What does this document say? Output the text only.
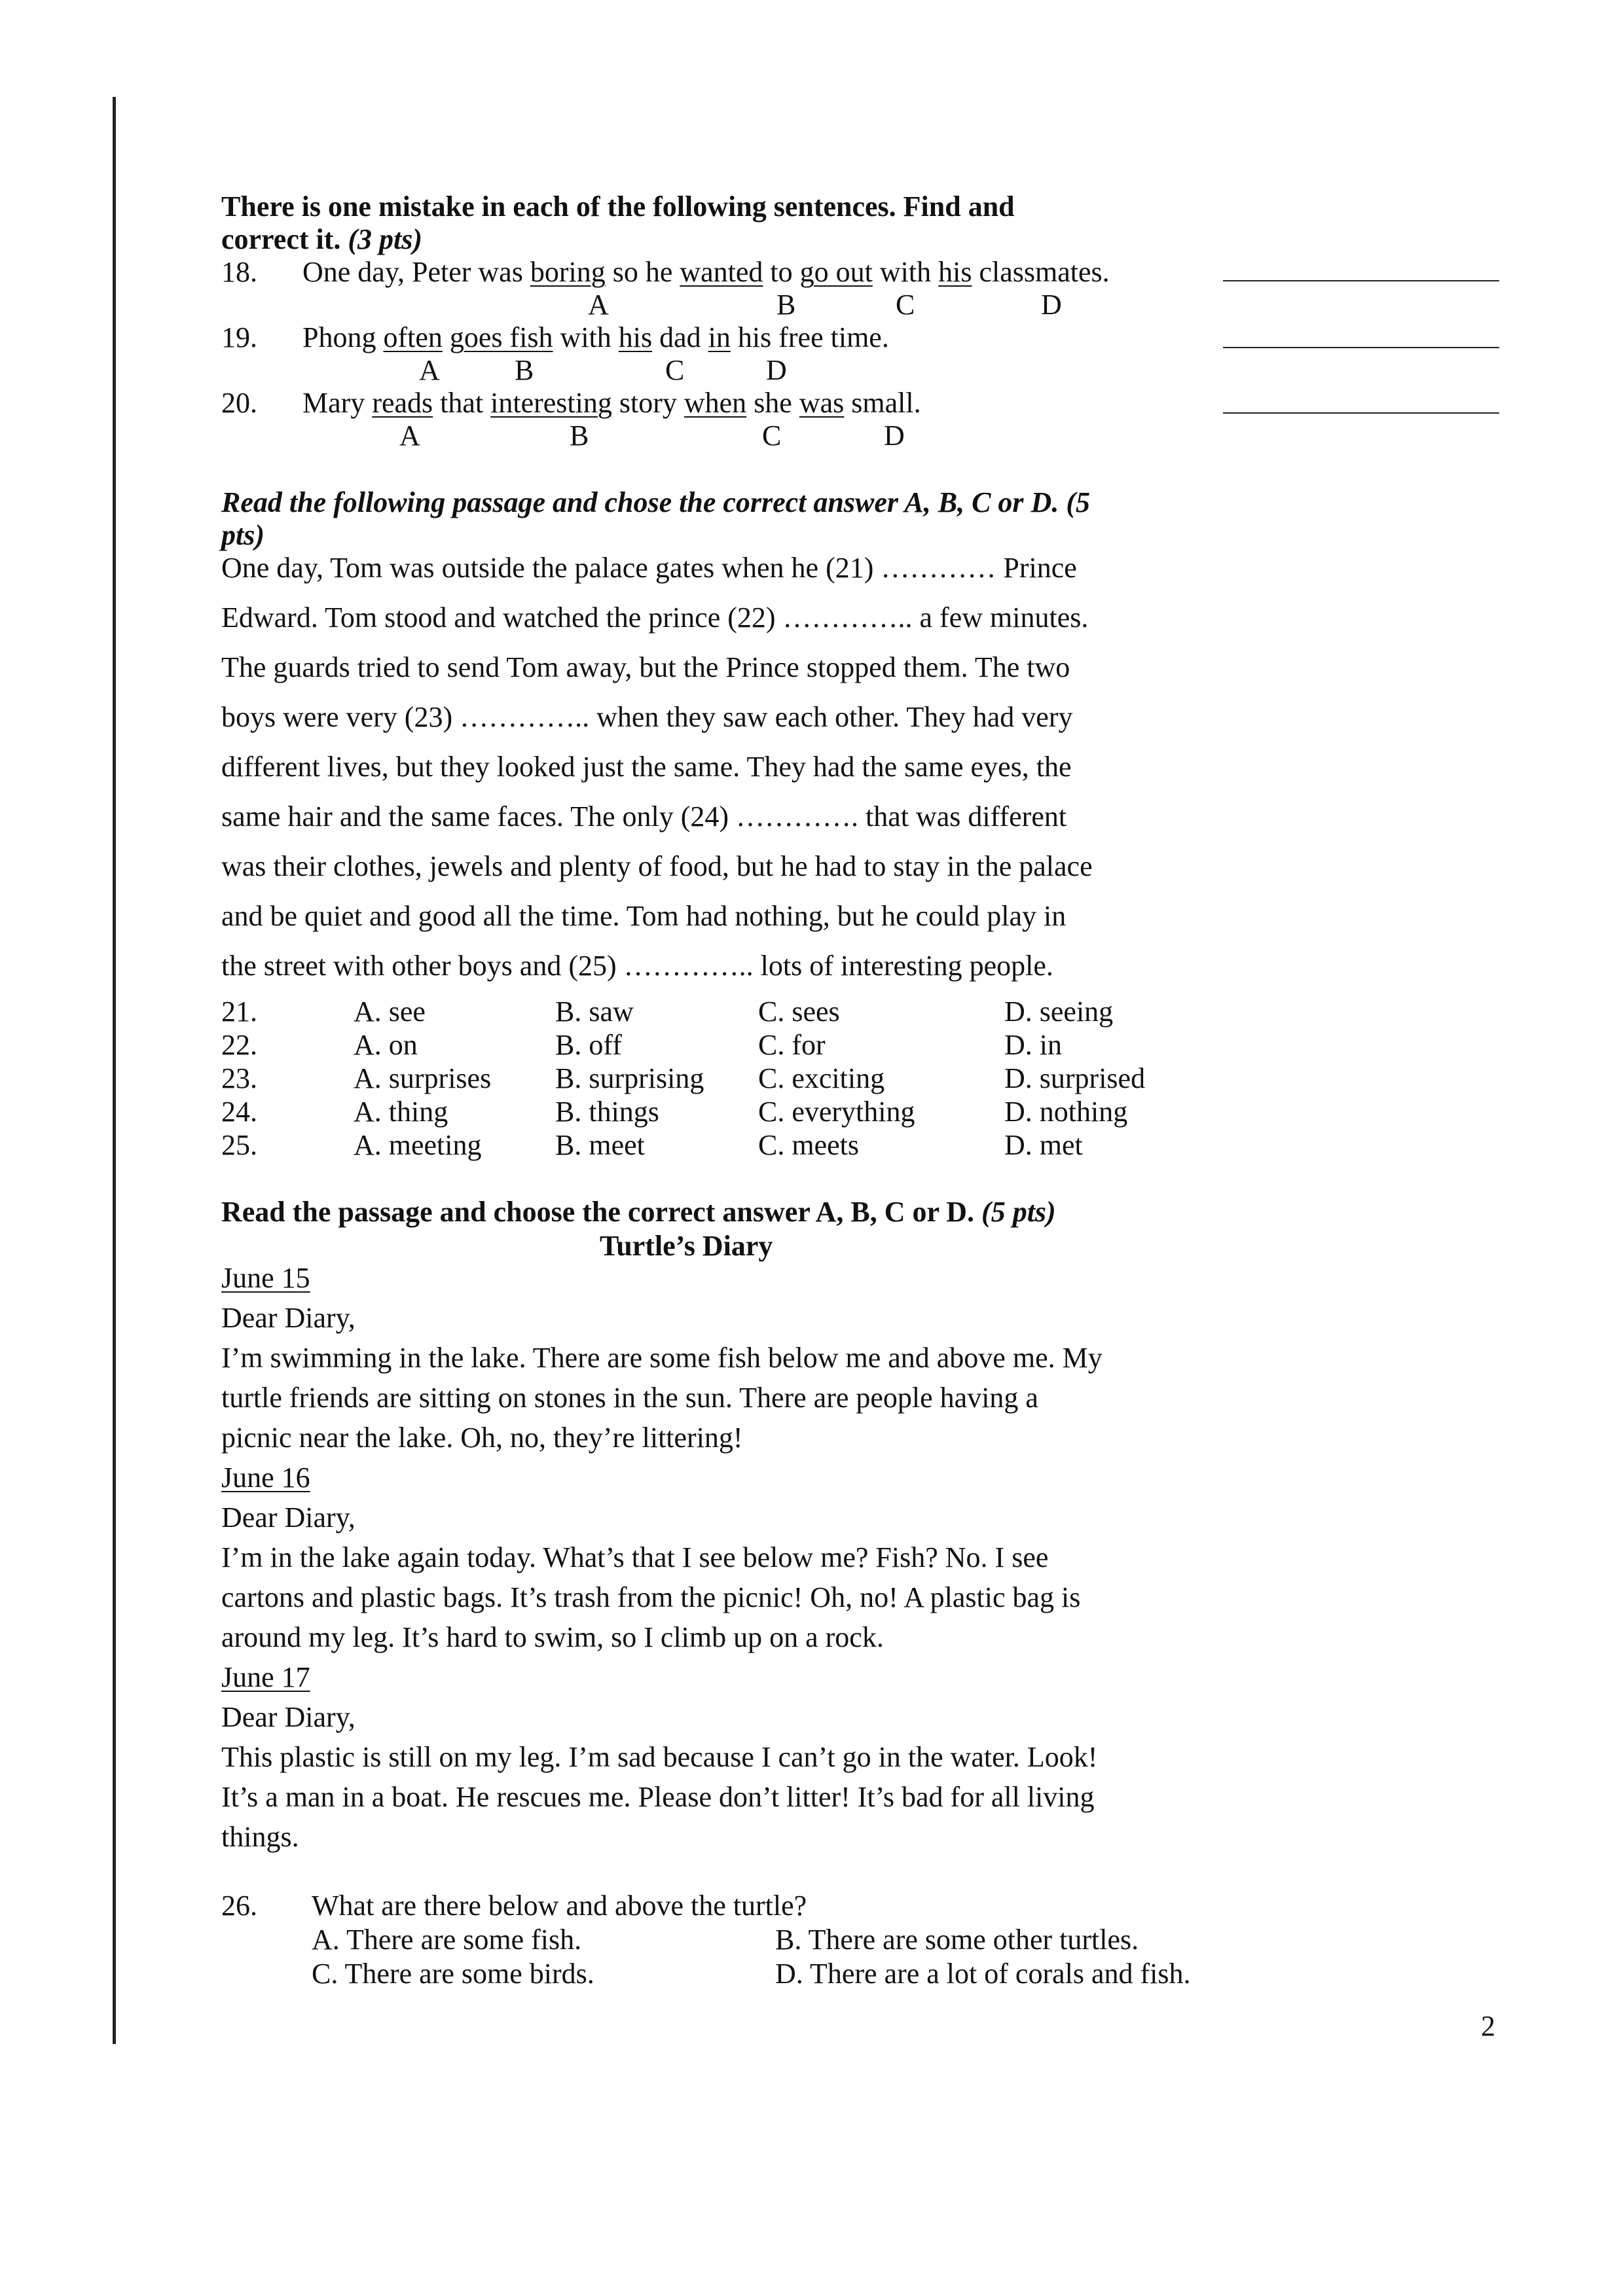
There is one mistake in each of the following sentences. Find and
correct it. (3 pts)
18. One day, Peter was boring so he wanted to go out with his classmates.
A	B	C	D
19. Phong often goes fish with his dad in his free time.
A	B	C	D
20. Mary reads that interesting story when she was small.
A	B	C	D
Read the following passage and chose the correct answer A, B, C or D. (5
pts)
One day, Tom was outside the palace gates when he (21) ………… Prince
Edward. Tom stood and watched the prince (22) ………….. a few minutes.
The guards tried to send Tom away, but the Prince stopped them. The two
boys were very (23) ………….. when they saw each other. They had very
different lives, but they looked just the same. They had the same eyes, the
same hair and the same faces. The only (24) …………. that was different
was their clothes, jewels and plenty of food, but he had to stay in the palace
and be quiet and good all the time. Tom had nothing, but he could play in
the street with other boys and (25) ………….. lots of interesting people.
21.	A. see	B. saw	C. sees	D. seeing
22.	A. on	B. off	C. for	D. in
23.	A. surprises B. surprising C. exciting	D. surprised
24.	A. thing	B. things	C. everything	D. nothing
25.	A. meeting	B. meet	C. meets	D. met
Read the passage and choose the correct answer A, B, C or D. (5 pts)
Turtle’s Diary
June 15
Dear Diary,
I’m swimming in the lake. There are some fish below me and above me. My
turtle friends are sitting on stones in the sun. There are people having a
picnic near the lake. Oh, no, they’re littering!
June 16
Dear Diary,
I’m in the lake again today. What’s that I see below me? Fish? No. I see
cartons and plastic bags. It’s trash from the picnic! Oh, no! A plastic bag is
around my leg. It’s hard to swim, so I climb up on a rock.
June 17
Dear Diary,
This plastic is still on my leg. I’m sad because I can’t go in the water. Look!
It’s a man in a boat. He rescues me. Please don’t litter! It’s bad for all living
things.
26. What are there below and above the turtle?
A. There are some fish.	B. There are some other turtles.
C. There are some birds.	D. There are a lot of corals and fish.
2
